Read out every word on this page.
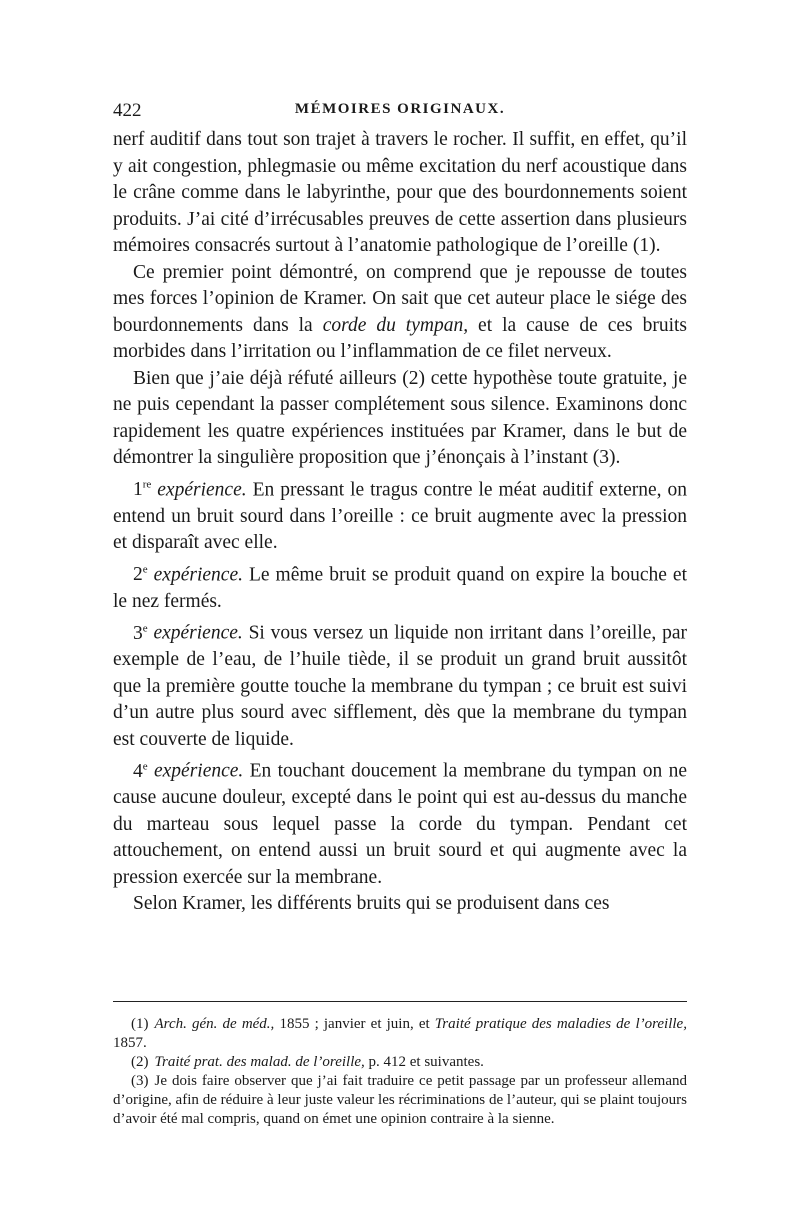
422	MÉMOIRES ORIGINAUX.

nerf auditif dans tout son trajet à travers le rocher. Il suffit, en effet, qu’il y ait congestion, phlegmasie ou même excitation du nerf acoustique dans le crâne comme dans le labyrinthe, pour que des bourdonnements soient produits. J’ai cité d’irrécusables preuves de cette assertion dans plusieurs mémoires consacrés surtout à l’anatomie pathologique de l’oreille (1).

Ce premier point démontré, on comprend que je repousse de toutes mes forces l’opinion de Kramer. On sait que cet auteur place le siége des bourdonnements dans la corde du tympan, et la cause de ces bruits morbides dans l’irritation ou l’inflammation de ce filet nerveux.

Bien que j’aie déjà réfuté ailleurs (2) cette hypothèse toute gratuite, je ne puis cependant la passer complétement sous silence. Examinons donc rapidement les quatre expériences instituées par Kramer, dans le but de démontrer la singulière proposition que j’énonçais à l’instant (3).

1re expérience. En pressant le tragus contre le méat auditif externe, on entend un bruit sourd dans l’oreille : ce bruit augmente avec la pression et disparaît avec elle.

2e expérience. Le même bruit se produit quand on expire la bouche et le nez fermés.

3e expérience. Si vous versez un liquide non irritant dans l’oreille, par exemple de l’eau, de l’huile tiède, il se produit un grand bruit aussitôt que la première goutte touche la membrane du tympan ; ce bruit est suivi d’un autre plus sourd avec sifflement, dès que la membrane du tympan est couverte de liquide.

4e expérience. En touchant doucement la membrane du tympan on ne cause aucune douleur, excepté dans le point qui est au-dessus du manche du marteau sous lequel passe la corde du tympan. Pendant cet attouchement, on entend aussi un bruit sourd et qui augmente avec la pression exercée sur la membrane.

Selon Kramer, les différents bruits qui se produisent dans ces

(1) Arch. gén. de méd., 1855 ; janvier et juin, et Traité pratique des maladies de l’oreille, 1857.

(2) Traité prat. des malad. de l’oreille, p. 412 et suivantes.

(3) Je dois faire observer que j’ai fait traduire ce petit passage par un professeur allemand d’origine, afin de réduire à leur juste valeur les récriminations de l’auteur, qui se plaint toujours d’avoir été mal compris, quand on émet une opinion contraire à la sienne.
